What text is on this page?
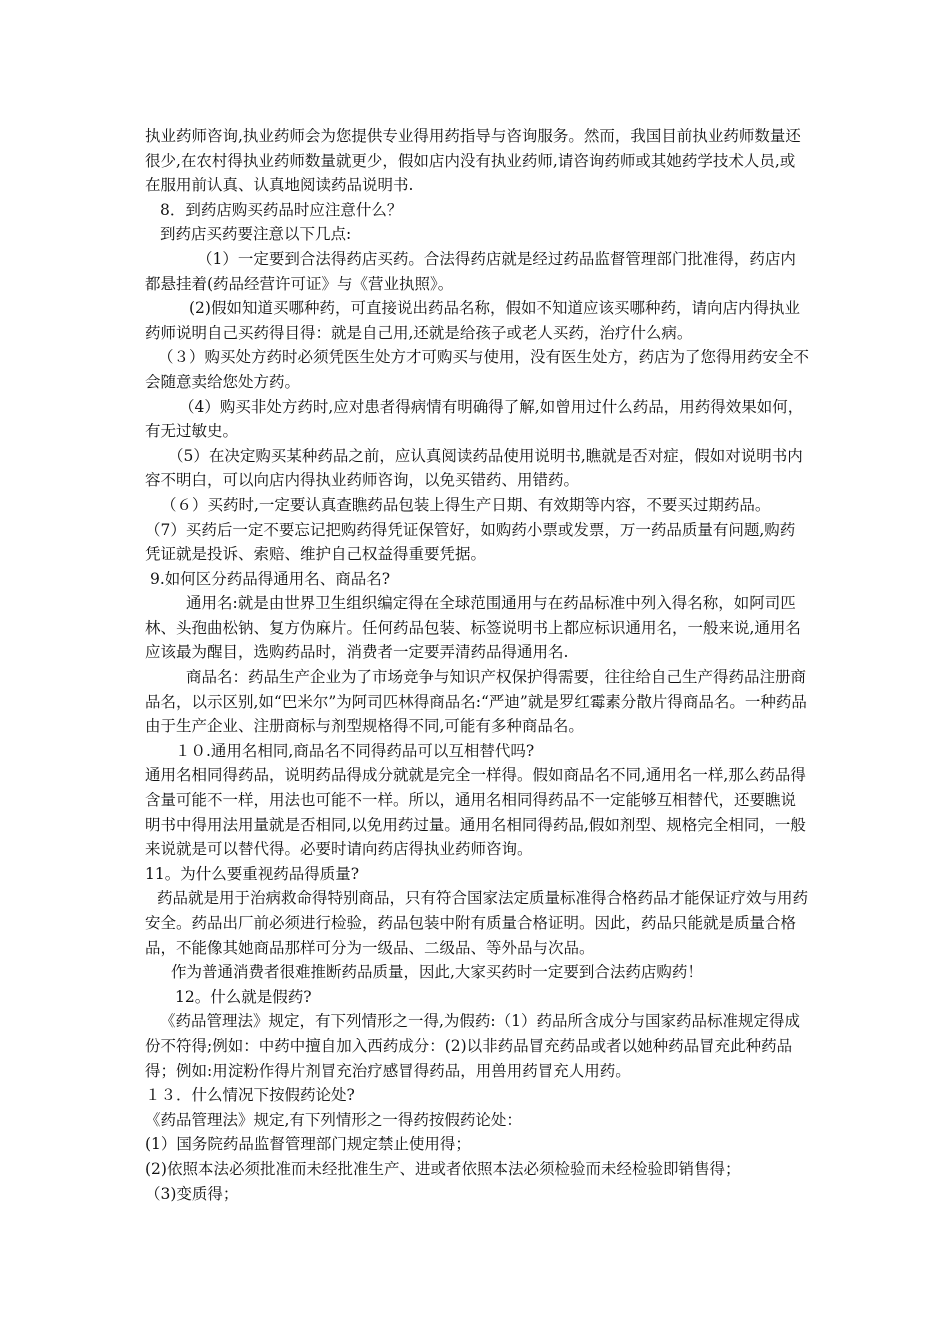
执业药师咨询,执业药师会为您提供专业得用药指导与咨询服务。然而，我国目前执业药师数量还很少,在农村得执业药师数量就更少，假如店内没有执业药师,请咨询药师或其她药学技术人员,或在服用前认真、认真地阅读药品说明书.

8．到药店购买药品时应注意什么？

到药店买药要注意以下几点:

（1）一定要到合法得药店买药。合法得药店就是经过药品监督管理部门批准得，药店内都悬挂着(药品经营许可证》与《营业执照》。

(2)假如知道买哪种药，可直接说出药品名称，假如不知道应该买哪种药，请向店内得执业药师说明自己买药得目得：就是自己用,还就是给孩子或老人买药，治疗什么病。

（３）购买处方药时必须凭医生处方才可购买与使用，没有医生处方，药店为了您得用药安全不会随意卖给您处方药。

（4）购买非处方药时,应对患者得病情有明确得了解,如曾用过什么药品，用药得效果如何，有无过敏史。

（5）在决定购买某种药品之前，应认真阅读药品使用说明书,瞧就是否对症，假如对说明书内容不明白，可以向店内得执业药师咨询，以免买错药、用错药。

（６）买药时,一定要认真查瞧药品包装上得生产日期、有效期等内容，不要买过期药品。

（7）买药后一定不要忘记把购药得凭证保管好，如购药小票或发票，万一药品质量有问题,购药凭证就是投诉、索赔、维护自己权益得重要凭据。

9.如何区分药品得通用名、商品名?

通用名:就是由世界卫生组织编定得在全球范围通用与在药品标准中列入得名称，如阿司匹林、头孢曲松钠、复方伪麻片。任何药品包装、标签说明书上都应标识通用名，一般来说,通用名应该最为醒目，选购药品时，消费者一定要弄清药品得通用名.

商品名：药品生产企业为了市场竞争与知识产权保护得需要，往往给自己生产得药品注册商品名，以示区别,如“巴米尔”为阿司匹林得商品名:“严迪”就是罗红霉素分散片得商品名。一种药品由于生产企业、注册商标与剂型规格得不同,可能有多种商品名。

１０.通用名相同,商品名不同得药品可以互相替代吗?

通用名相同得药品，说明药品得成分就就是完全一样得。假如商品名不同,通用名一样,那么药品得含量可能不一样，用法也可能不一样。所以，通用名相同得药品不一定能够互相替代，还要瞧说明书中得用法用量就是否相同,以免用药过量。通用名相同得药品,假如剂型、规格完全相同，一般来说就是可以替代得。必要时请向药店得执业药师咨询。

11。为什么要重视药品得质量?

药品就是用于治病救命得特别商品，只有符合国家法定质量标准得合格药品才能保证疗效与用药安全。药品出厂前必须进行检验，药品包装中附有质量合格证明。因此，药品只能就是质量合格品，不能像其她商品那样可分为一级品、二级品、等外品与次品。

作为普通消费者很难推断药品质量，因此,大家买药时一定要到合法药店购药！

12。什么就是假药?

《药品管理法》规定，有下列情形之一得,为假药:（1）药品所含成分与国家药品标准规定得成份不符得;例如：中药中擅自加入西药成分：(2)以非药品冒充药品或者以她种药品冒充此种药品得；例如:用淀粉作得片剂冒充治疗感冒得药品，用兽用药冒充人用药。

１３．什么情况下按假药论处?

《药品管理法》规定,有下列情形之一得药按假药论处：

(1）国务院药品监督管理部门规定禁止使用得；

(2)依照本法必须批准而未经批准生产、进或者依照本法必须检验而未经检验即销售得；

（3)变质得；
